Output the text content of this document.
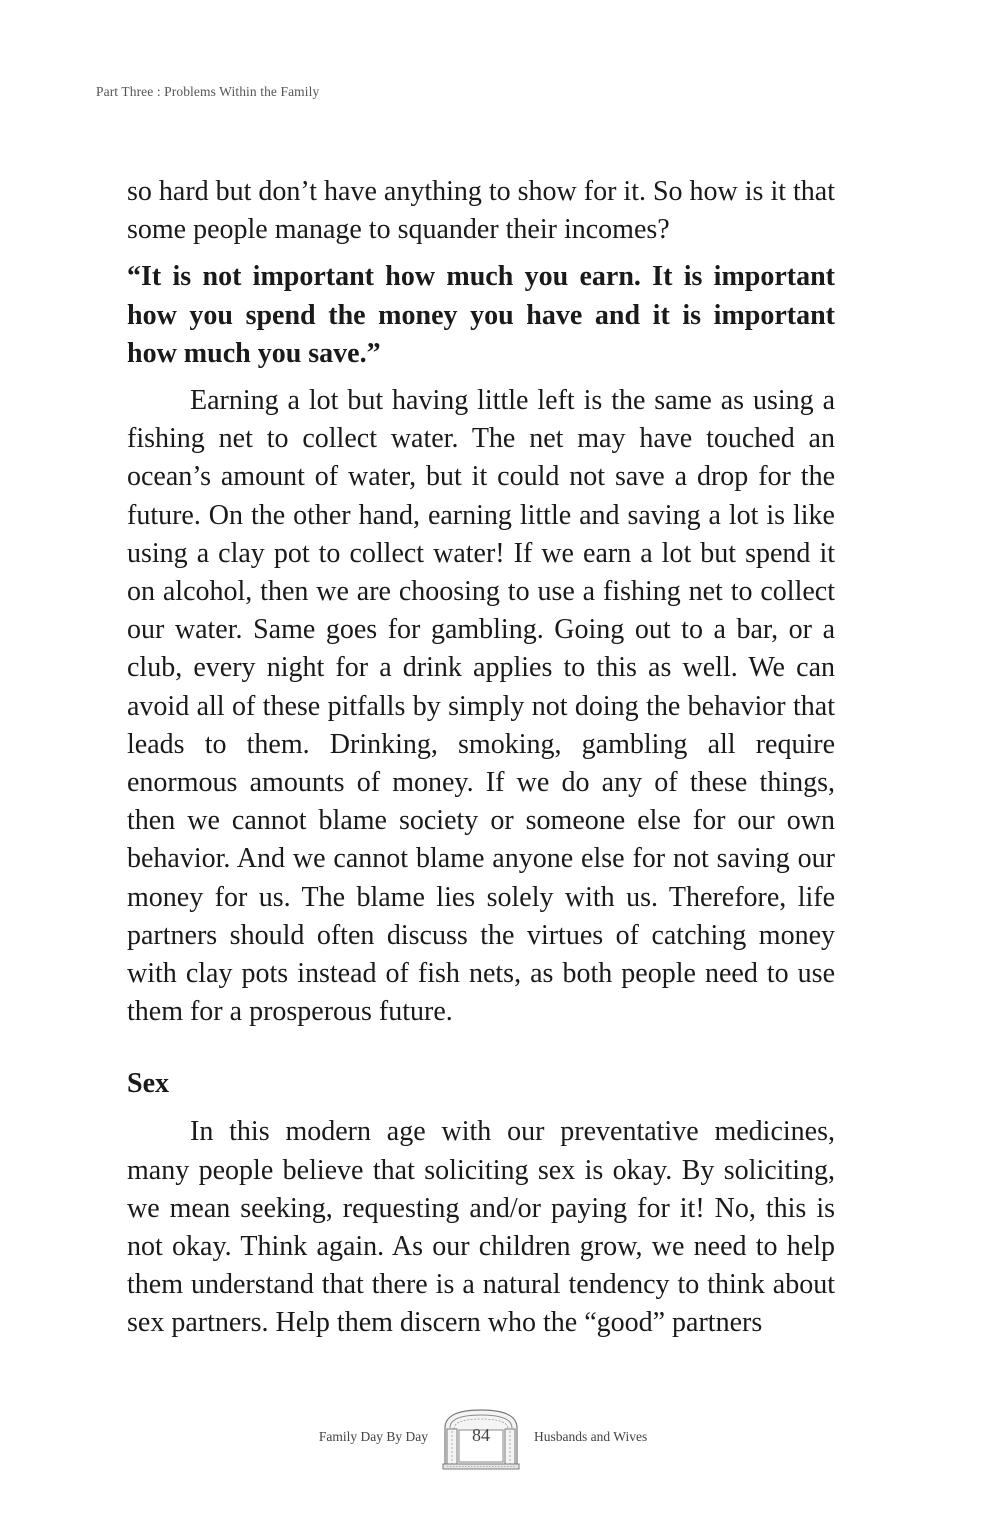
Part Three : Problems Within the Family

so hard but don’t have anything to show for it. So how is it that some people manage to squander their incomes?

“It is not important how much you earn. It is important how you spend the money you have and it is important how much you save.”

Earning a lot but having little left is the same as using a fishing net to collect water. The net may have touched an ocean’s amount of water, but it could not save a drop for the future. On the other hand, earning little and saving a lot is like using a clay pot to collect water! If we earn a lot but spend it on alcohol, then we are choosing to use a fishing net to collect our water. Same goes for gambling. Going out to a bar, or a club, every night for a drink applies to this as well. We can avoid all of these pitfalls by simply not doing the behavior that leads to them. Drinking, smoking, gambling all require enormous amounts of money. If we do any of these things, then we cannot blame society or someone else for our own behavior. And we cannot blame anyone else for not saving our money for us. The blame lies solely with us. Therefore, life partners should often discuss the virtues of catching money with clay pots instead of fish nets, as both people need to use them for a prosperous future.

Sex

In this modern age with our preventative medicines, many people believe that soliciting sex is okay. By soliciting, we mean seeking, requesting and/or paying for it! No, this is not okay. Think again. As our children grow, we need to help them understand that there is a natural tendency to think about sex partners. Help them discern who the “good” partners

Family Day By Day	84	Husbands and Wives
